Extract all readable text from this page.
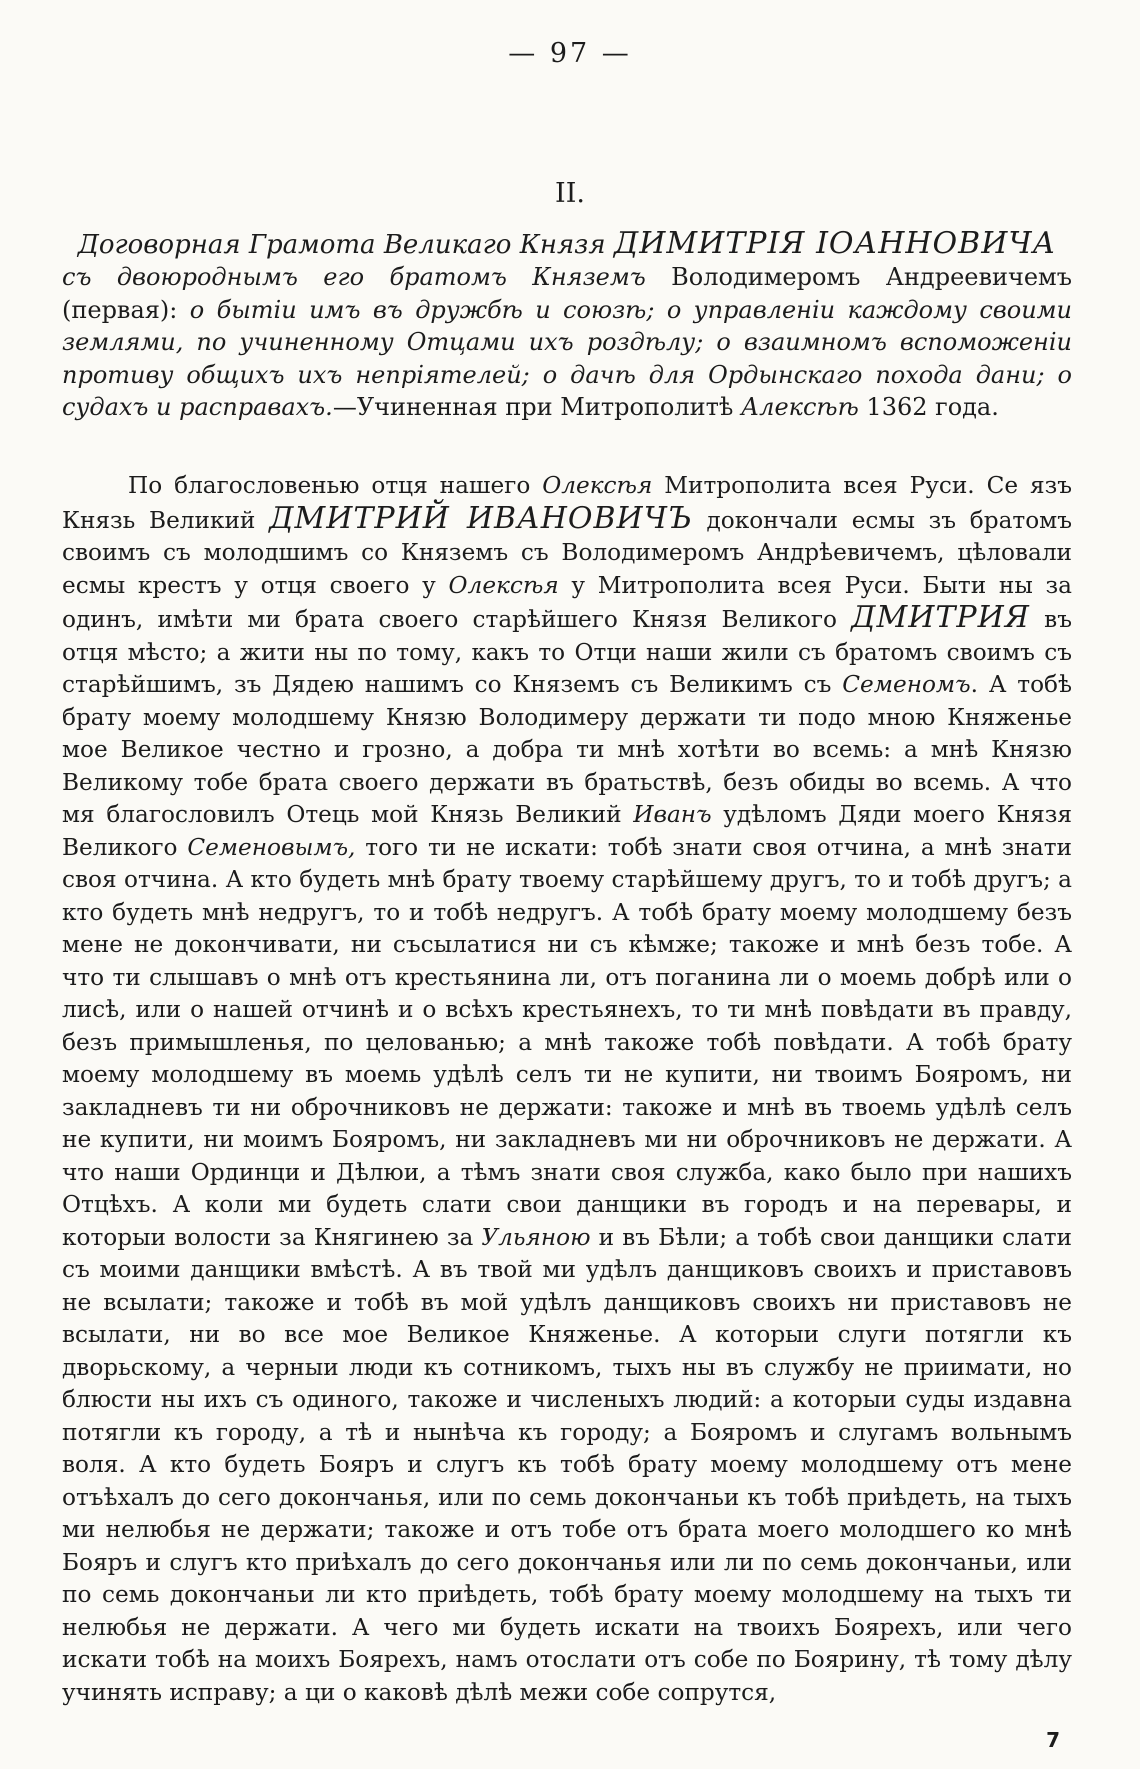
— 97 —
II.
Договорная Грамота Великаго Князя ДИМИТРІЯ ІОАННОВИЧА
съ двоюроднымъ его братомъ Княземъ Володимеромъ Андреевичемъ (первая): о бытіи имъ въ дружбѣ и союзѣ; о управленіи каждому своими землями, по учиненному Отцами ихъ роздѣлу; о взаимномъ вспоможеніи противу общихъ ихъ непріятелей; о дачѣ для Ордынскаго похода дани; о судахъ и расправахъ.—Учиненная при Митрополитѣ Алексѣѣ 1362 года.
По благословенью отця нашего Олексѣя Митрополита всея Руси. Се язъ Князь Великий ДМИТРИЙ ИВАНОВИЧЪ докончали есмы зъ братомъ своимъ съ молодшимъ со Княземъ съ Володимеромъ Андрѣевичемъ, цѣловали есмы крестъ у отця своего у Олексѣя у Митрополита всея Руси. Быти ны за одинъ, имѣти ми брата своего старѣйшего Князя Великого ДМИТРИЯ въ отця мѣсто; а жити ны по тому, какъ то Отци наши жили съ братомъ своимъ съ старѣйшимъ, зъ Дядею нашимъ со Княземъ съ Великимъ съ Семеномъ. А тобѣ брату моему молодшему Князю Володимеру держати ти подо мною Княженье мое Великое честно и грозно, а добра ти мнѣ хотѣти во всемь: а мнѣ Князю Великому тобе брата своего держати въ братьствѣ, безъ обиды во всемь. А что мя благословилъ Отець мой Князь Великий Иванъ удѣломъ Дяди моего Князя Великого Семеновымъ, того ти не искати: тобѣ знати своя отчина, а мнѣ знати своя отчина. А кто будеть мнѣ брату твоему старѣйшему другъ, то и тобѣ другъ; а кто будеть мнѣ недругъ, то и тобѣ недругъ. А тобѣ брату моему молодшему безъ мене не докончивати, ни съсылатися ни съ кѣмже; такоже и мнѣ безъ тобе. А что ти слышавъ о мнѣ отъ крестьянина ли, отъ поганина ли о моемь добрѣ или о лисѣ, или о нашей отчинѣ и о всѣхъ крестьянехъ, то ти мнѣ повѣдати въ правду, безъ примышленья, по целованью; а мнѣ такоже тобѣ повѣдати. А тобѣ брату моему молодшему въ моемь удѣлѣ селъ ти не купити, ни твоимъ Бояромъ, ни закладневъ ти ни оброчниковъ не держати: такоже и мнѣ въ твоемь удѣлѣ селъ не купити, ни моимъ Бояромъ, ни закладневъ ми ни оброчниковъ не держати. А что наши Ординци и Дѣлюи, а тѣмъ знати своя служба, како было при нашихъ Отцѣхъ. А коли ми будеть слати свои данщики въ городъ и на перевары, и которыи волости за Княгинею за Ульяною и въ Бѣли; а тобѣ свои данщики слати съ моими данщики вмѣстѣ. А въ твой ми удѣлъ данщиковъ своихъ и приставовъ не всылати; такоже и тобѣ въ мой удѣлъ данщиковъ своихъ ни приставовъ не всылати, ни во все мое Великое Княженье. А которыи слуги потягли къ дворьскому, а черныи люди къ сотникомъ, тыхъ ны въ службу не приимати, но блюсти ны ихъ съ одиного, такоже и численыхъ людий: а которыи суды издавна потягли къ городу, а тѣ и нынѣча къ городу; а Бояромъ и слугамъ вольнымъ воля. А кто будеть Бояръ и слугъ къ тобѣ брату моему молодшему отъ мене отъѣхалъ до сего докончанья, или по семь докончаньи къ тобѣ приѣдеть, на тыхъ ми нелюбья не держати; такоже и отъ тобе отъ брата моего молодшего ко мнѣ Бояръ и слугъ кто приѣхалъ до сего докончанья или ли по семь докончаньи, или по семь докончаньи ли кто приѣдеть, тобѣ брату моему молодшему на тыхъ ти нелюбья не держати. А чего ми будеть искати на твоихъ Боярехъ, или чего искати тобѣ на моихъ Боярехъ, намъ отослати отъ собе по Боярину, тѣ тому дѣлу учинять исправу; а ци о каковѣ дѣлѣ межи собе сопрутся,
7
